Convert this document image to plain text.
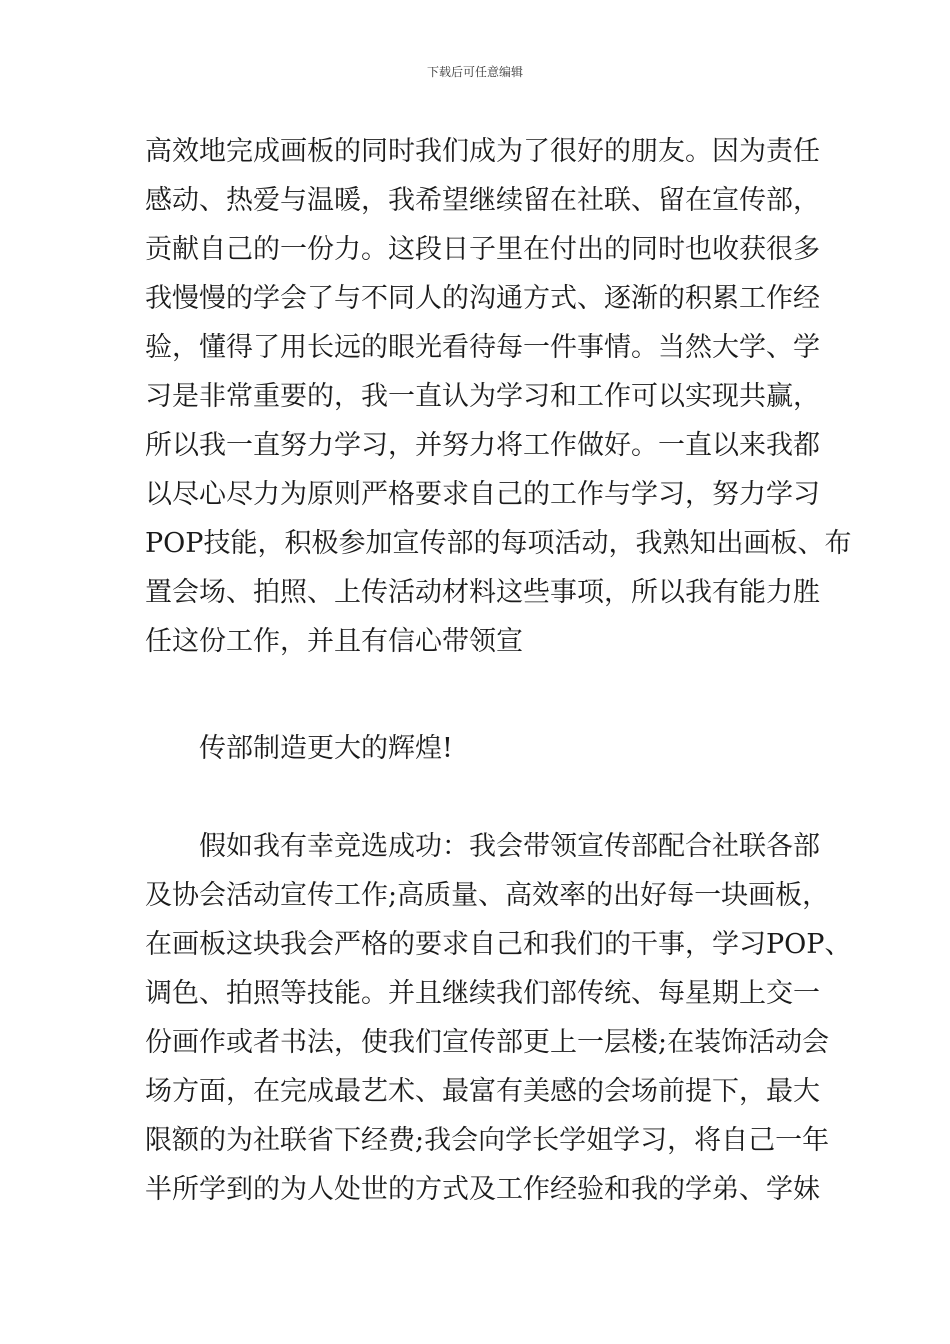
下载后可任意编辑
高效地完成画板的同时我们成为了很好的朋友。因为责任
感动、热爱与温暖，我希望继续留在社联、留在宣传部，
贡献自己的一份力。这段日子里在付出的同时也收获很多
我慢慢的学会了与不同人的沟通方式、逐渐的积累工作经
验，懂得了用长远的眼光看待每一件事情。当然大学、学
习是非常重要的，我一直认为学习和工作可以实现共赢，
所以我一直努力学习，并努力将工作做好。一直以来我都
以尽心尽力为原则严格要求自己的工作与学习，努力学习
POP技能，积极参加宣传部的每项活动，我熟知出画板、布
置会场、拍照、上传活动材料这些事项，所以我有能力胜
任这份工作，并且有信心带领宣
传部制造更大的辉煌!
假如我有幸竞选成功：我会带领宣传部配合社联各部
及协会活动宣传工作;高质量、高效率的出好每一块画板，
在画板这块我会严格的要求自己和我们的干事，学习POP、
调色、拍照等技能。并且继续我们部传统、每星期上交一
份画作或者书法，使我们宣传部更上一层楼;在装饰活动会
场方面，在完成最艺术、最富有美感的会场前提下，最大
限额的为社联省下经费;我会向学长学姐学习，将自己一年
半所学到的为人处世的方式及工作经验和我的学弟、学妹
